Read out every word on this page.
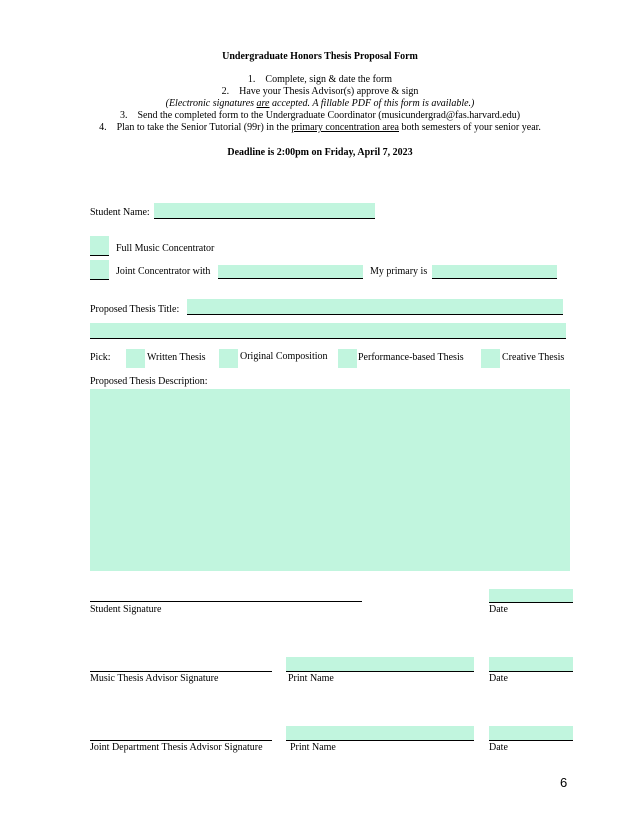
Undergraduate Honors Thesis Proposal Form
1. Complete, sign & date the form
2. Have your Thesis Advisor(s) approve & sign
(Electronic signatures are accepted. A fillable PDF of this form is available.)
3. Send the completed form to the Undergraduate Coordinator (musicundergrad@fas.harvard.edu)
4. Plan to take the Senior Tutorial (99r) in the primary concentration area both semesters of your senior year.
Deadline is 2:00pm on Friday, April 7, 2023
Student Name:
Full Music Concentrator
Joint Concentrator with	My primary is
Proposed Thesis Title:
Pick:	Written Thesis	Original Composition	Performance-based Thesis	Creative Thesis
Proposed Thesis Description:
Student Signature	Date
Music Thesis Advisor Signature	Print Name	Date
Joint Department Thesis Advisor Signature	Print Name	Date
6
